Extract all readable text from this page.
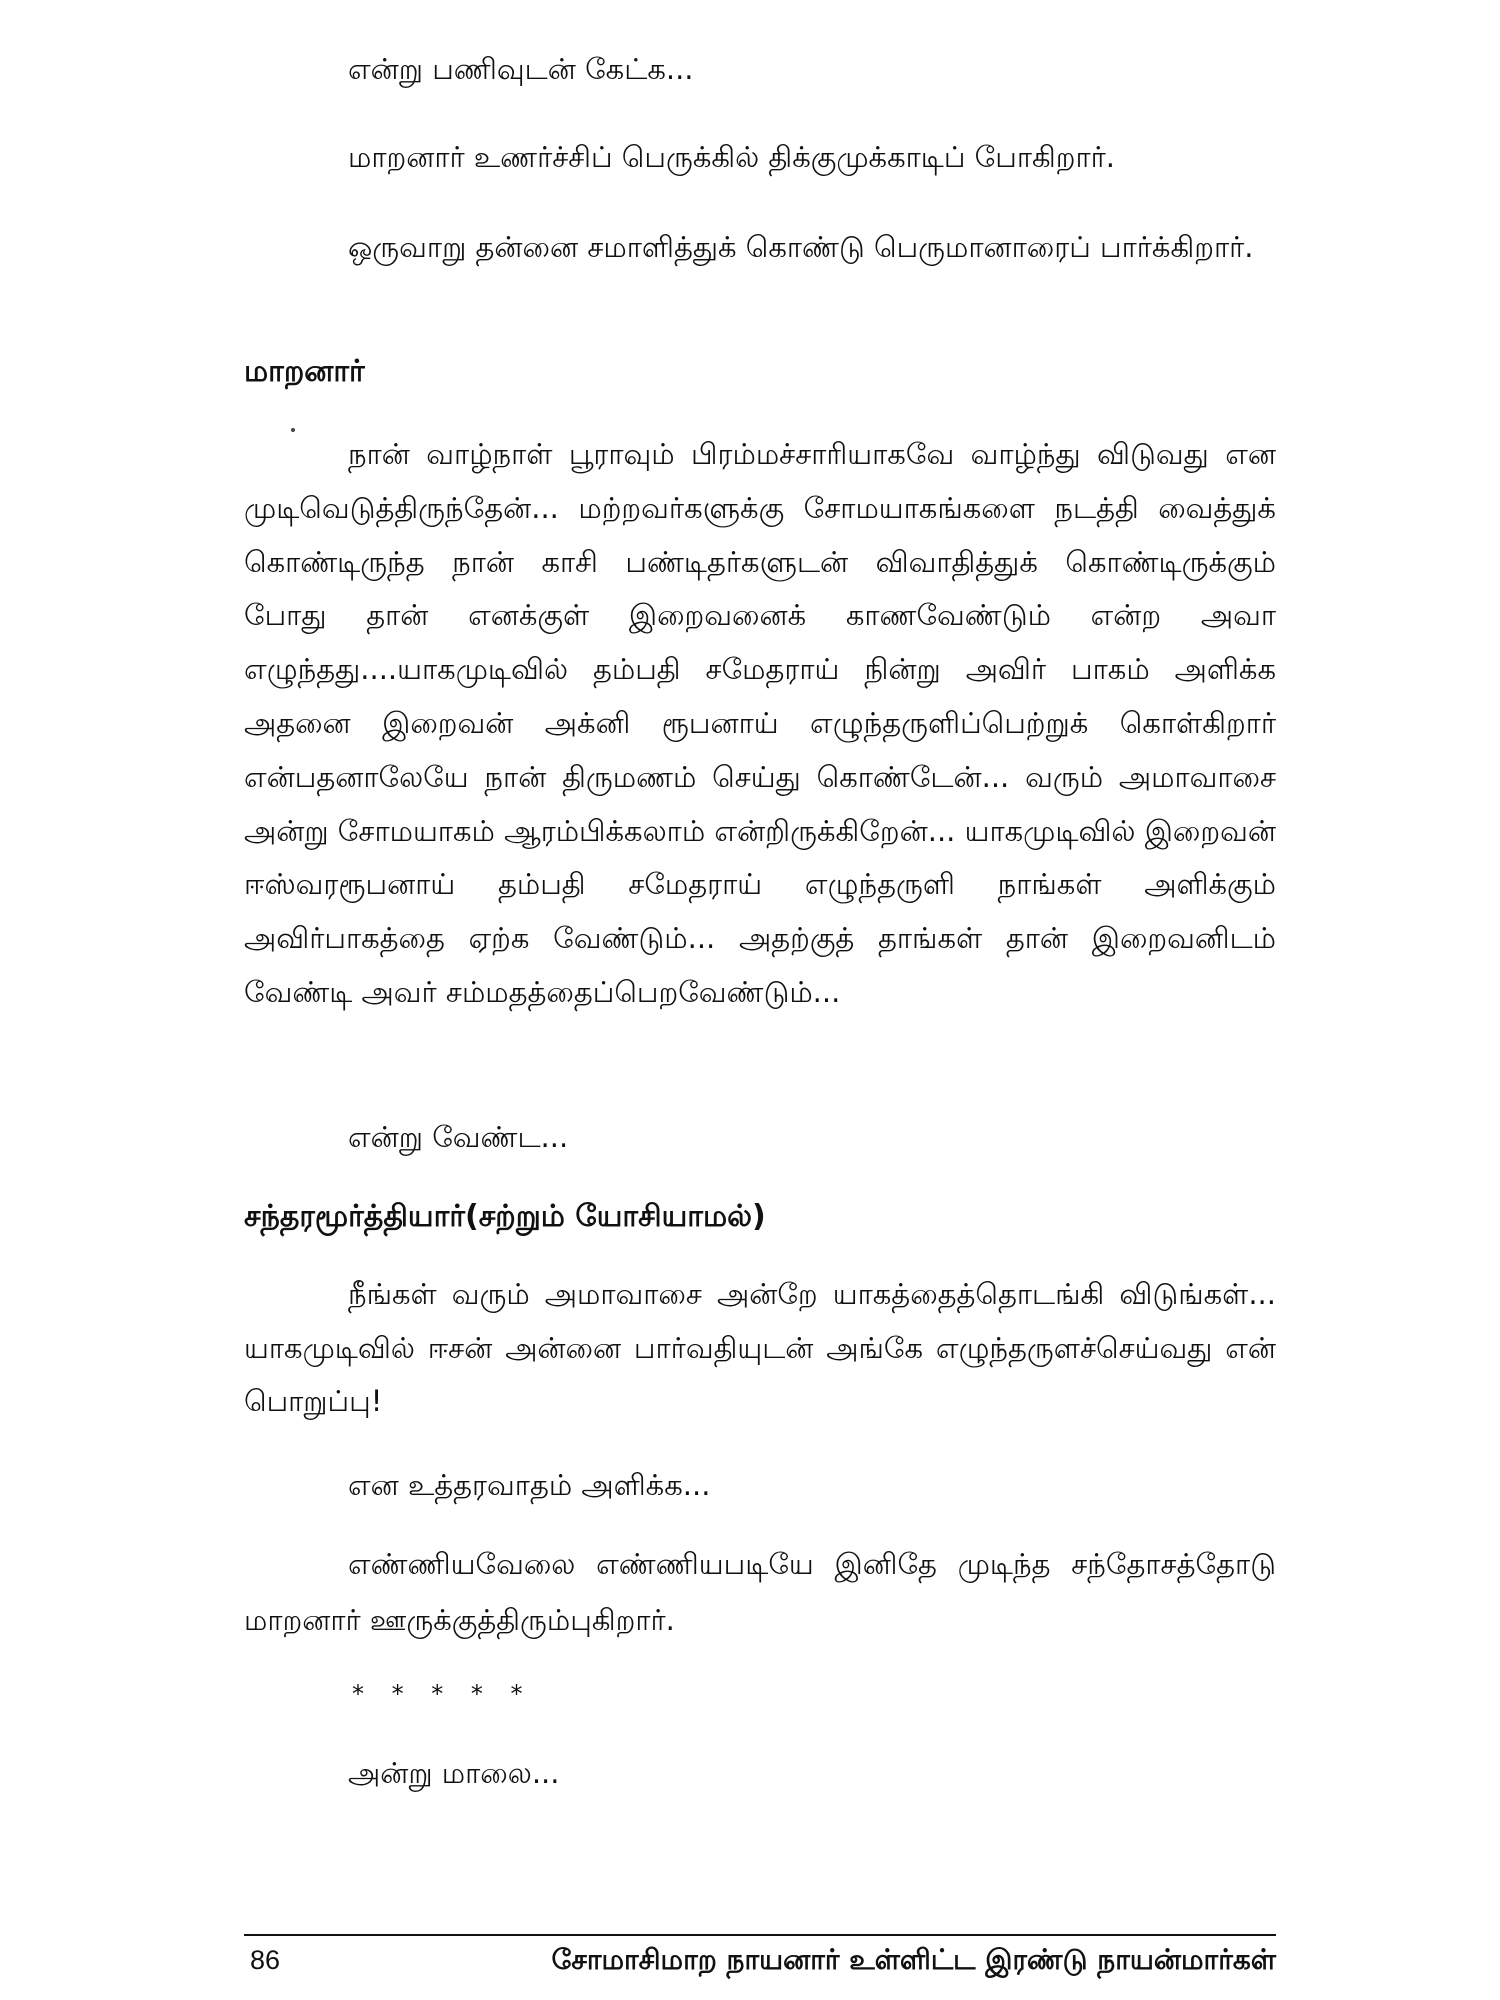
என்று பணிவுடன் கேட்க...

மாறனார் உணர்ச்சிப் பெருக்கில் திக்குமுக்காடிப் போகிறார்.

ஒருவாறு தன்னை சமாளித்துக் கொண்டு பெருமானாரைப் பார்க்கிறார்.

மாறனார்

நான் வாழ்நாள் பூராவும் பிரம்மச்சாரியாகவே வாழ்ந்து விடுவது என முடிவெடுத்திருந்தேன்... மற்றவர்களுக்கு சோமயாகங்களை நடத்தி வைத்துக் கொண்டிருந்த நான் காசி பண்டிதர்களுடன் விவாதித்துக் கொண்டிருக்கும் போது தான் எனக்குள் இறைவனைக் காணவேண்டும் என்ற அவா எழுந்தது....யாகமுடிவில் தம்பதி சமேதராய் நின்று அவிர் பாகம் அளிக்க அதனை இறைவன் அக்னி ரூபனாய் எழுந்தருளிப்பெற்றுக் கொள்கிறார் என்பதனாலேயே நான் திருமணம் செய்து கொண்டேன்... வரும் அமாவாசை அன்று சோமயாகம் ஆரம்பிக்கலாம் என்றிருக்கிறேன்... யாகமுடிவில் இறைவன் ஈஸ்வரரூபனாய் தம்பதி சமேதராய் எழுந்தருளி நாங்கள் அளிக்கும் அவிர்பாகத்தை ஏற்க வேண்டும்... அதற்குத் தாங்கள் தான் இறைவனிடம் வேண்டி அவர் சம்மதத்தைப்பெறவேண்டும்...

என்று வேண்ட...

சந்தரமூர்த்தியார்(சற்றும் யோசியாமல்)

நீங்கள் வரும் அமாவாசை அன்றே யாகத்தைத்தொடங்கி விடுங்கள்... யாகமுடிவில் ஈசன் அன்னை பார்வதியுடன் அங்கே எழுந்தருளச்செய்வது என் பொறுப்பு!

என உத்தரவாதம் அளிக்க...

எண்ணியவேலை எண்ணியபடியே இனிதே முடிந்த சந்தோசத்தோடு மாறனார் ஊருக்குத்திரும்புகிறார்.

* * * * *

அன்று மாலை...

86	சோமாசிமாற நாயனார் உள்ளிட்ட இரண்டு நாயன்மார்கள்
